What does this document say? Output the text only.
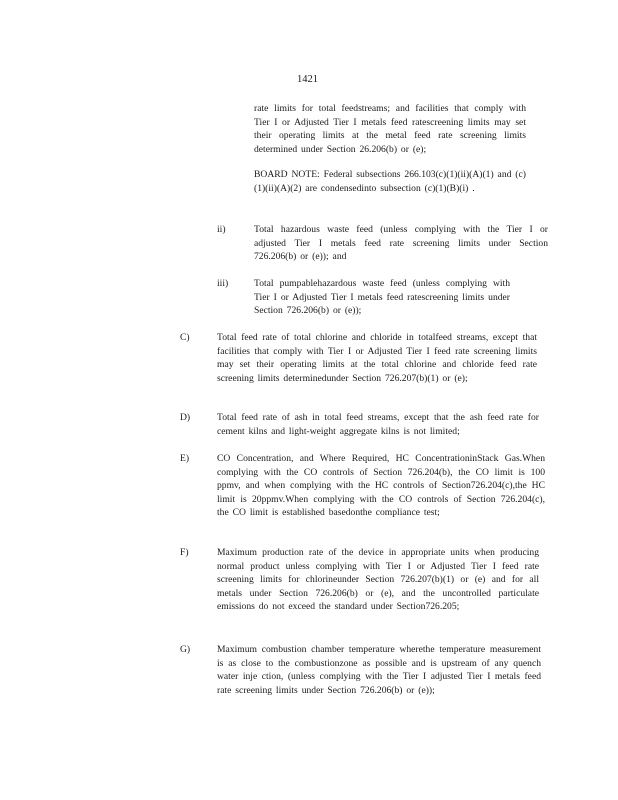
1421

rate limits for total feedstreams; and facilities that comply with Tier I or Adjusted Tier I metals feed ratescreening limits may set their operating limits at the metal feed rate screening limits determined under Section 26.206(b) or (e);

BOARD NOTE: Federal subsections 266.103(c)(1)(ii)(A)(1) and (c)(1)(ii)(A)(2) are condensedinto subsection (c)(1)(B)(i) .

ii)	Total hazardous waste feed (unless complying with the Tier I or adjusted Tier I metals feed rate screening limits under Section 726.206(b) or (e)); and

iii)	Total pumpablehazardous waste feed (unless complying with Tier I or Adjusted Tier I metals feed ratescreening limits under Section 726.206(b) or (e));

C)	Total feed rate of total chlorine and chloride in totalfeed streams, except that facilities that comply with Tier I or Adjusted Tier I feed rate screening limits may set their operating limits at the total chlorine and chloride feed rate screening limits determinedunder Section 726.207(b)(1) or (e);

D)	Total feed rate of ash in total feed streams, except that the ash feed rate for cement kilns and light-weight aggregate kilns is not limited;

E)	CO Concentration, and Where Required, HC ConcentrationinStack Gas.When complying with the CO controls of Section 726.204(b), the CO limit is 100 ppmv, and when complying with the HC controls of Section726.204(c),the HC limit is 20ppmv.When complying with the CO controls of Section 726.204(c), the CO limit is established basedonthe compliance test;

F)	Maximum production rate of the device in appropriate units when producing normal product unless complying with Tier I or Adjusted Tier I feed rate screening limits for chlorineunder Section 726.207(b)(1) or (e) and for all metals under Section 726.206(b) or (e), and the uncontrolled particulate emissions do not exceed the standard under Section726.205;

G)	Maximum combustion chamber temperature wherethe temperature measurement is as close to the combustionzone as possible and is upstream of any quench water inje ction, (unless complying with the Tier I adjusted Tier I metals feed rate screening limits under Section 726.206(b) or (e));
